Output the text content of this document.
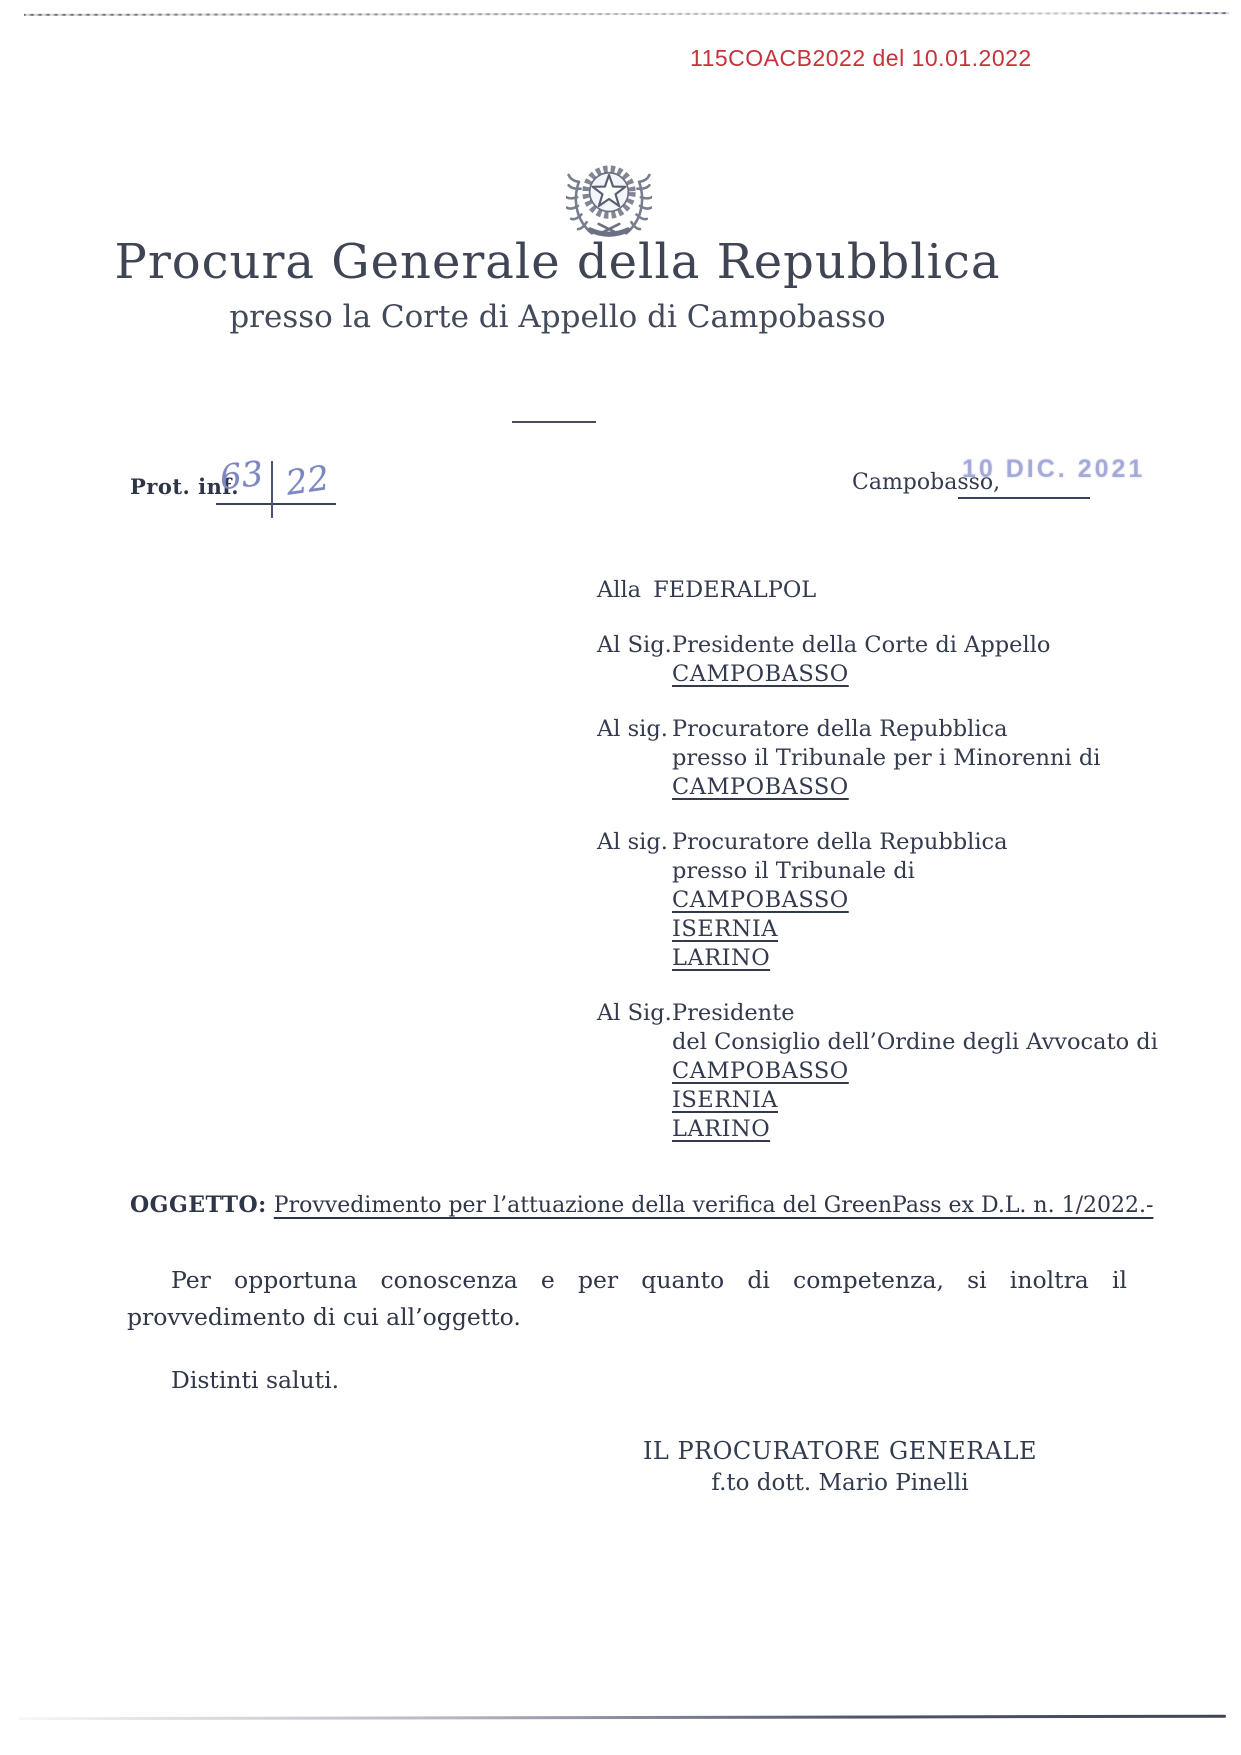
115COACB2022 del 10.01.2022
Procura Generale della Repubblica
presso la Corte di Appello di Campobasso
Prot. inf.
63 22	Campobasso,
10 DIC. 2021
Alla FEDERALPOL
Al Sig. Presidente della Corte di Appello
CAMPOBASSO
Al sig. Procuratore della Repubblica
presso il Tribunale per i Minorenni di
CAMPOBASSO
Al sig. Procuratore della Repubblica
presso il Tribunale di
CAMPOBASSO
ISERNIA
LARINO
Al Sig. Presidente
del Consiglio dell’Ordine degli Avvocato di
CAMPOBASSO
ISERNIA
LARINO
OGGETTO: Provvedimento per l’attuazione della verifica del GreenPass ex D.L. n. 1/2022.-

Per opportuna conoscenza e per quanto di competenza, si inoltra il provvedimento di cui all’oggetto.

Distinti saluti.

IL PROCURATORE GENERALE
f.to dott. Mario Pinelli
